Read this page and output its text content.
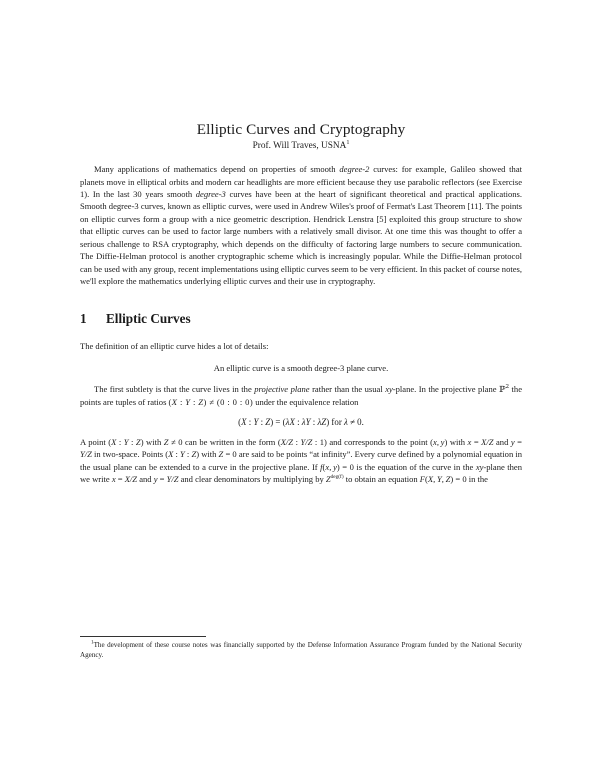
Elliptic Curves and Cryptography
Prof. Will Traves, USNA$^1$

Many applications of mathematics depend on properties of smooth degree-2 curves: for example, Galileo showed that planets move in elliptical orbits and modern car headlights are more efficient because they use parabolic reflectors (see Exercise 1). In the last 30 years smooth degree-3 curves have been at the heart of significant theoretical and practical applications. Smooth degree-3 curves, known as elliptic curves, were used in Andrew Wiles's proof of Fermat's Last Theorem [11]. The points on elliptic curves form a group with a nice geometric description. Hendrick Lenstra [5] exploited this group structure to show that elliptic curves can be used to factor large numbers with a relatively small divisor. At one time this was thought to offer a serious challenge to RSA cryptography, which depends on the difficulty of factoring large numbers to secure communication. The Diffie-Helman protocol is another cryptographic scheme which is increasingly popular. While the Diffie-Helman protocol can be used with any group, recent implementations using elliptic curves seem to be very efficient. In this packet of course notes, we'll explore the mathematics underlying elliptic curves and their use in cryptography.

1 Elliptic Curves

The definition of an elliptic curve hides a lot of details:

An elliptic curve is a smooth degree-3 plane curve.

The first subtlety is that the curve lives in the projective plane rather than the usual xy-plane. In the projective plane ℙ$^2$ the points are tuples of ratios (X : Y : Z) ≠ (0 : 0 : 0) under the equivalence relation

(X : Y : Z) = (λX : λY : λZ) for λ ≠ 0.

A point (X : Y : Z) with Z ≠ 0 can be written in the form (X/Z : Y/Z : 1) and corresponds to the point (x, y) with x = X/Z and y = Y/Z in two-space. Points (X : Y : Z) with Z = 0 are said to be points “at infinity”. Every curve defined by a polynomial equation in the usual plane can be extended to a curve in the projective plane. If f(x, y) = 0 is the equation of the curve in the xy-plane then we write x = X/Z and y = Y/Z and clear denominators by multiplying by $Z^{deg(f)}$ to obtain an equation F(X, Y, Z) = 0 in the

$^1$The development of these course notes was financially supported by the Defense Information Assurance Program funded by the National Security Agency.
